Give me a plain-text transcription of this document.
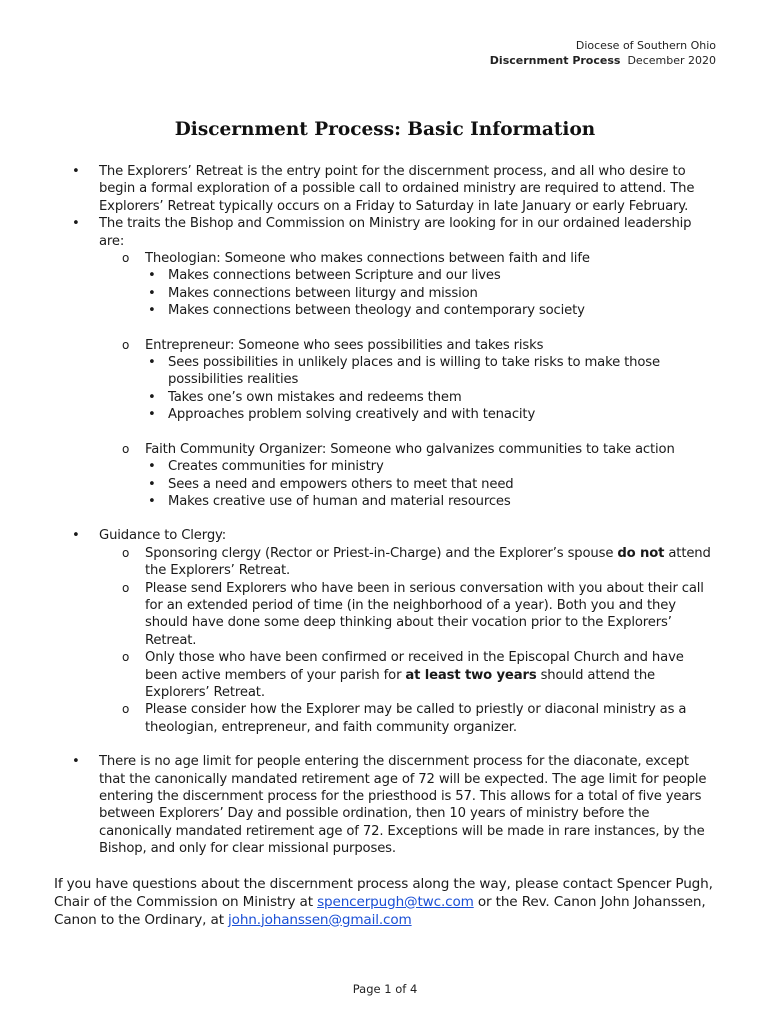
Diocese of Southern Ohio
Discernment Process December 2020
Discernment Process: Basic Information
• The Explorers’ Retreat is the entry point for the discernment process, and all who desire to begin a formal exploration of a possible call to ordained ministry are required to attend. The Explorers’ Retreat typically occurs on a Friday to Saturday in late January or early February.
• The traits the Bishop and Commission on Ministry are looking for in our ordained leadership are:
o Theologian: Someone who makes connections between faith and life
• Makes connections between Scripture and our lives
• Makes connections between liturgy and mission
• Makes connections between theology and contemporary society
o Entrepreneur: Someone who sees possibilities and takes risks
• Sees possibilities in unlikely places and is willing to take risks to make those possibilities realities
• Takes one’s own mistakes and redeems them
• Approaches problem solving creatively and with tenacity
o Faith Community Organizer: Someone who galvanizes communities to take action
• Creates communities for ministry
• Sees a need and empowers others to meet that need
• Makes creative use of human and material resources
• Guidance to Clergy:
o Sponsoring clergy (Rector or Priest-in-Charge) and the Explorer’s spouse do not attend the Explorers’ Retreat.
o Please send Explorers who have been in serious conversation with you about their call for an extended period of time (in the neighborhood of a year). Both you and they should have done some deep thinking about their vocation prior to the Explorers’ Retreat.
o Only those who have been confirmed or received in the Episcopal Church and have been active members of your parish for at least two years should attend the Explorers’ Retreat.
o Please consider how the Explorer may be called to priestly or diaconal ministry as a theologian, entrepreneur, and faith community organizer.
• There is no age limit for people entering the discernment process for the diaconate, except that the canonically mandated retirement age of 72 will be expected. The age limit for people entering the discernment process for the priesthood is 57. This allows for a total of five years between Explorers’ Day and possible ordination, then 10 years of ministry before the canonically mandated retirement age of 72. Exceptions will be made in rare instances, by the Bishop, and only for clear missional purposes.
If you have questions about the discernment process along the way, please contact Spencer Pugh, Chair of the Commission on Ministry at spencerpugh@twc.com or the Rev. Canon John Johanssen, Canon to the Ordinary, at john.johanssen@gmail.com
Page 1 of 4
